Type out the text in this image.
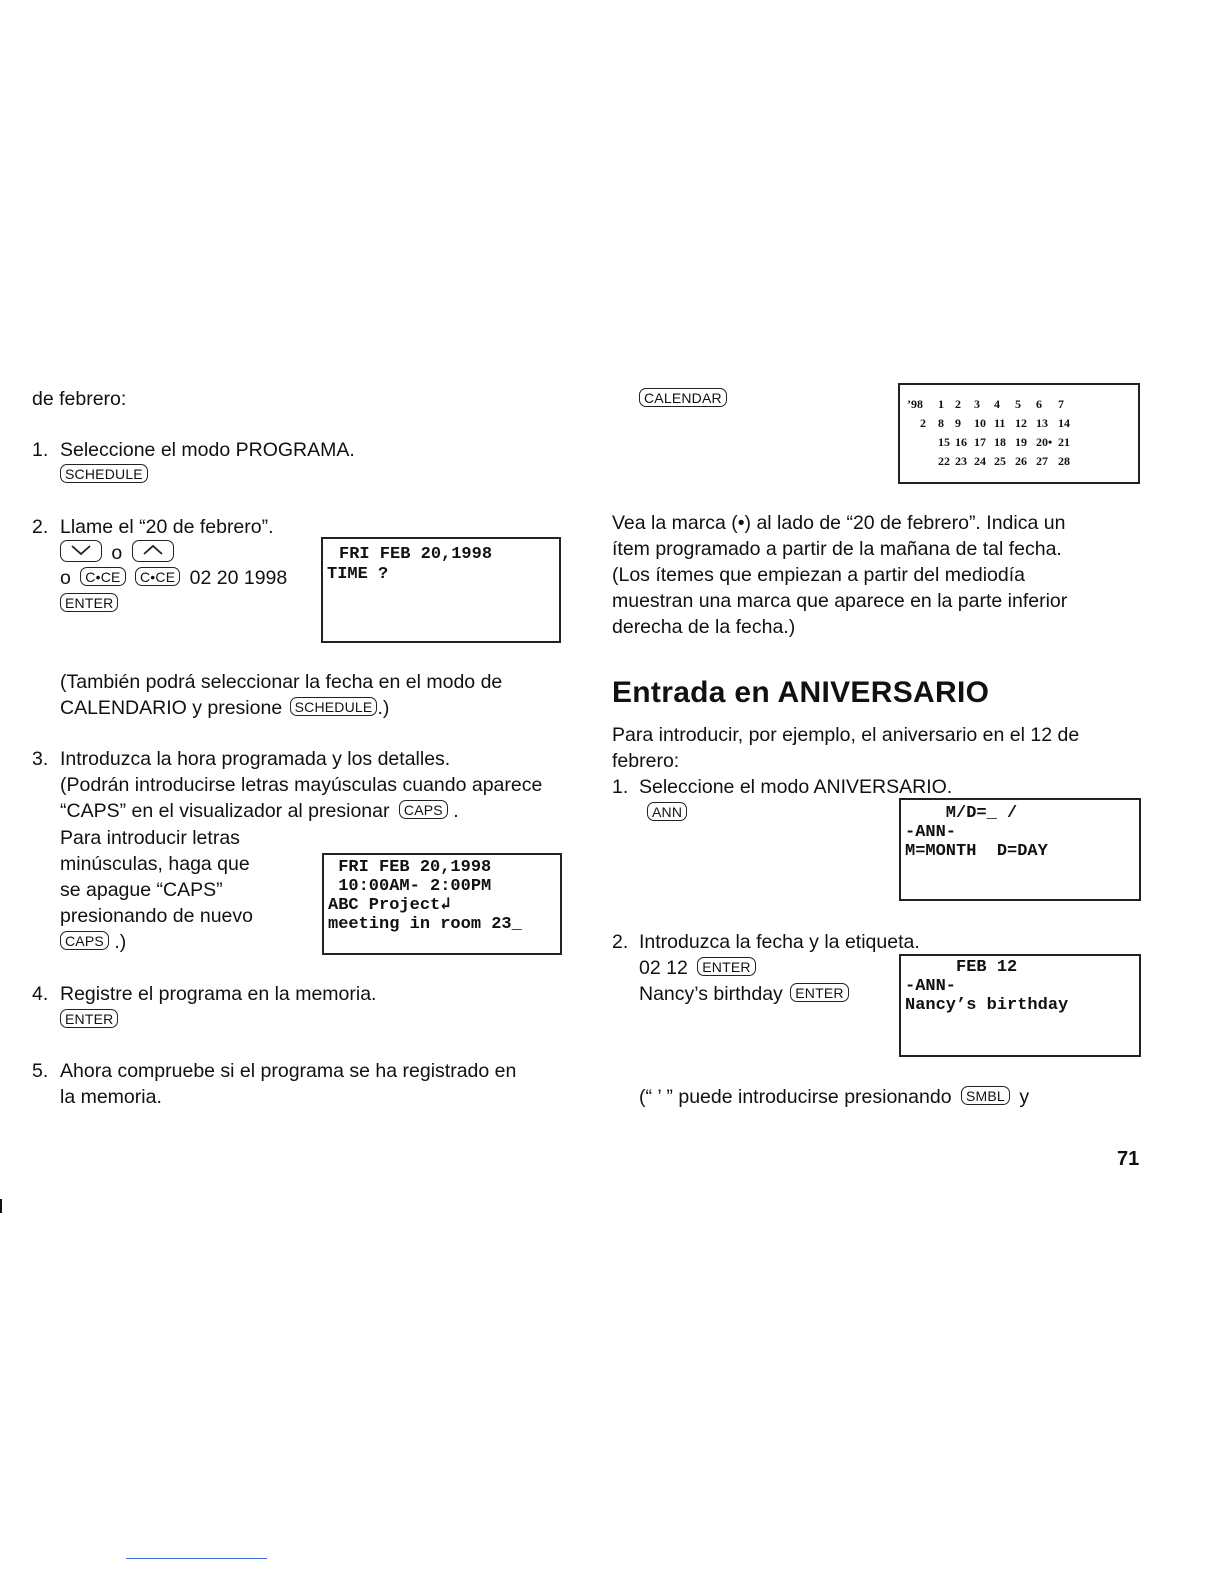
de febrero:
1. Seleccione el modo PROGRAMA.
SCHEDULE
2. Llame el “20 de febrero”.
o
o C•CE C•CE 02 20 1998
ENTER
FRI FEB 20,1998
TIME ?
(También podrá seleccionar la fecha en el modo de
CALENDARIO y presione SCHEDULE .)
3. Introduzca la hora programada y los detalles.
(Podrán introducirse letras mayúsculas cuando aparece
“CAPS” en el visualizador al presionar CAPS .
Para introducir letras
minúsculas, haga que
se apague “CAPS”
presionando de nuevo
CAPS .)
FRI FEB 20,1998
10:00AM- 2:00PM
ABC Project↲
meeting in room 23_
4. Registre el programa en la memoria.
ENTER
5. Ahora compruebe si el programa se ha registrado en
la memoria.
CALENDAR	’98
2
1 2 3 4 5 6 7
8 9 10 11 12 13 14
15 16 17 18 19 20• 21
22 23 24 25 26 27 28
Vea la marca (•) al lado de “20 de febrero”. Indica un
ítem programado a partir de la mañana de tal fecha.
(Los ítemes que empiezan a partir del mediodía
muestran una marca que aparece en la parte inferior
derecha de la fecha.)
Entrada en ANIVERSARIO
Para introducir, por ejemplo, el aniversario en el 12 de
febrero:
1. Seleccione el modo ANIVERSARIO.
ANN	M/D=_ /
-ANN-
M=MONTH  D=DAY
2. Introduzca la fecha y la etiqueta.
02 12 ENTER
Nancy’s birthday ENTER
FEB 12
-ANN-
Nancy’s birthday
(“ ’ ” puede introducirse presionando SMBL y
71
